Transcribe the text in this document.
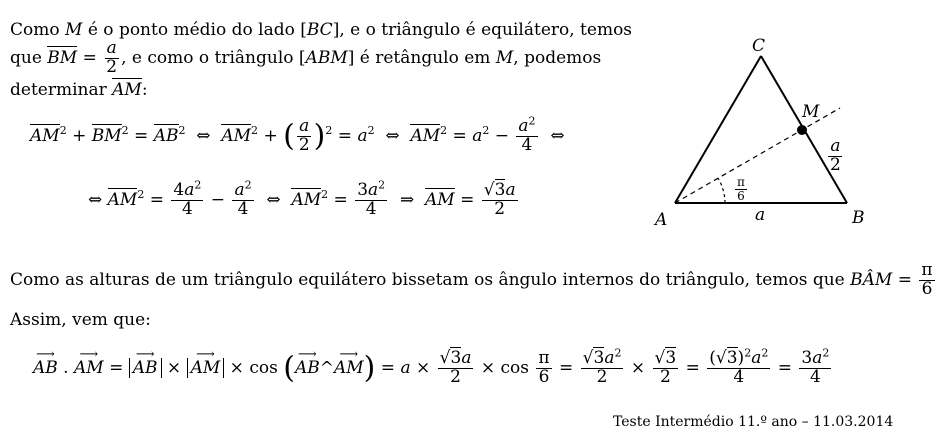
Como M é o ponto médio do lado [BC], e o triângulo é equilátero, temos
que BM = $\frac{a}{2}$ , e como o triângulo [ABM] é retângulo em M, podemos
determinar AM:
$AM^2 + BM^2 = AB^2$  ⇔  $AM^2$ + ( $\frac{a}{2} )^2 = a^2$  ⇔  $AM^2 = a^2 - \frac{a^2}{4}$ ⇔
⇔ $AM^2 = \frac{4a^2}{4} - \frac{a^2}{4}$ ⇔  $AM^2 = \frac{3a^2}{4}$ ⇒  AM = $\frac{√3a}{2}$
C
M
A	B
a
$\frac{a}{2}$
$\frac{\pi}{6}$
Como as alturas de um triângulo equilátero bissetam os ângulo internos do triângulo, temos que BÂM = $\frac{\pi}{6}$
Assim, vem que:
⟶ AB . ⟶ AM = ⟶ AB × ⟶ AM × cos (⟶ AB^⟶ $AM) = a \times \frac{√3a}{2} \times \cos \frac{\pi}{6} = \frac{√3a^2}{2} \times \frac{√3}{2} = \frac{(√3)^2a^2}{4} = \frac{3a^2}{4}$
Teste Intermédio 11.º ano – 11.03.2014
